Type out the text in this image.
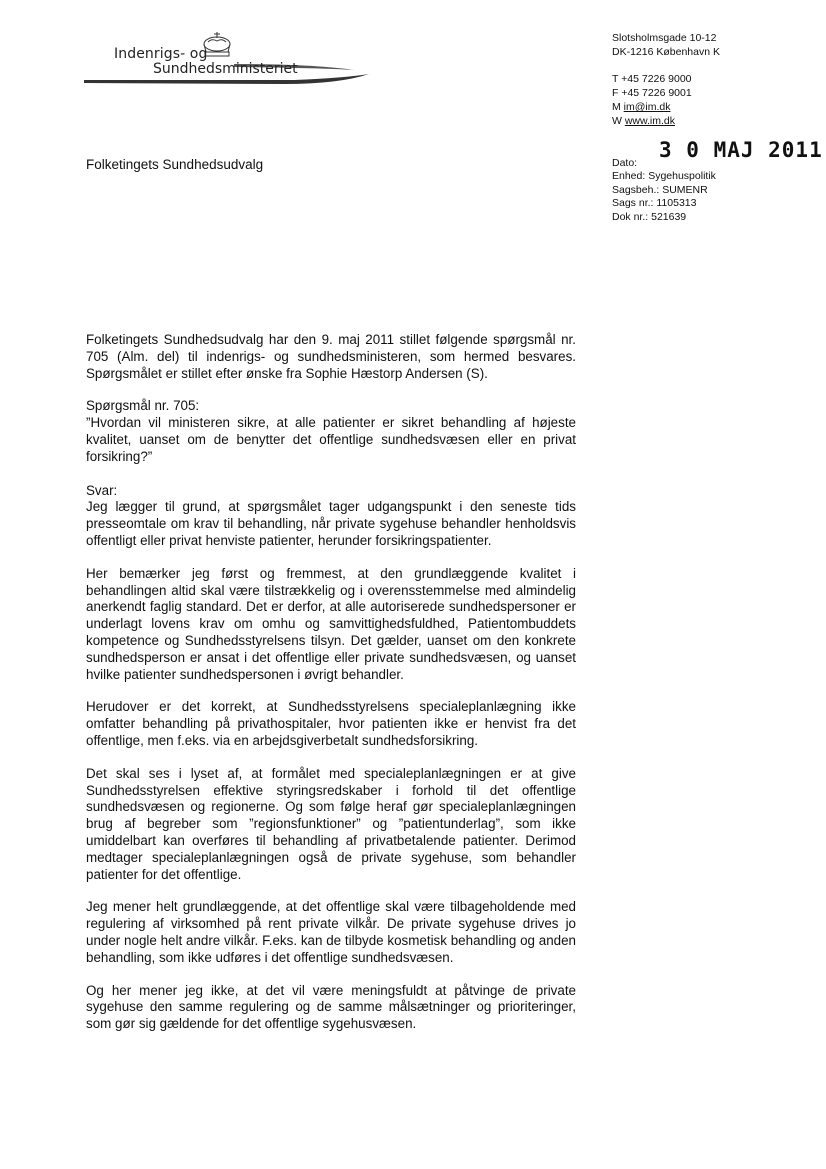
Indenrigs- og
Sundhedsministeriet
Slotsholmsgade 10-12
DK-1216 København K
T +45 7226 9000
F +45 7226 9001
M im@im.dk
W www.im.dk
Dato:
3 0 MAJ 2011
Enhed: Sygehuspolitik
Sagsbeh.: SUMENR
Sags nr.: 1105313
Dok nr.: 521639
Folketingets Sundhedsudvalg

Folketingets Sundhedsudvalg har den 9. maj 2011 stillet følgende spørgsmål nr. 705 (Alm. del) til indenrigs- og sundhedsministeren, som hermed besvares. Spørgsmålet er stillet efter ønske fra Sophie Hæstorp Andersen (S).

Spørgsmål nr. 705:
”Hvordan vil ministeren sikre, at alle patienter er sikret behandling af højeste kvalitet, uanset om de benytter det offentlige sundhedsvæsen eller en privat forsikring?”

Svar:
Jeg lægger til grund, at spørgsmålet tager udgangspunkt i den seneste tids presseomtale om krav til behandling, når private sygehuse behandler henholdsvis offentligt eller privat henviste patienter, herunder forsikringspatienter.

Her bemærker jeg først og fremmest, at den grundlæggende kvalitet i behandlingen altid skal være tilstrækkelig og i overensstemmelse med almindelig anerkendt faglig standard. Det er derfor, at alle autoriserede sundhedspersoner er underlagt lovens krav om omhu og samvittighedsfuldhed, Patientombuddets kompetence og Sundhedsstyrelsens tilsyn. Det gælder, uanset om den konkrete sundhedsperson er ansat i det offentlige eller private sundhedsvæsen, og uanset hvilke patienter sundhedspersonen i øvrigt behandler.

Herudover er det korrekt, at Sundhedsstyrelsens specialeplanlægning ikke omfatter behandling på privathospitaler, hvor patienten ikke er henvist fra det offentlige, men f.eks. via en arbejdsgiverbetalt sundhedsforsikring.

Det skal ses i lyset af, at formålet med specialeplanlægningen er at give Sundhedsstyrelsen effektive styringsredskaber i forhold til det offentlige sundhedsvæsen og regionerne. Og som følge heraf gør specialeplanlægningen brug af begreber som ”regionsfunktioner” og ”patientunderlag”, som ikke umiddelbart kan overføres til behandling af privatbetalende patienter. Derimod medtager specialeplanlægningen også de private sygehuse, som behandler patienter for det offentlige.

Jeg mener helt grundlæggende, at det offentlige skal være tilbageholdende med regulering af virksomhed på rent private vilkår. De private sygehuse drives jo under nogle helt andre vilkår. F.eks. kan de tilbyde kosmetisk behandling og anden behandling, som ikke udføres i det offentlige sundhedsvæsen.

Og her mener jeg ikke, at det vil være meningsfuldt at påtvinge de private sygehuse den samme regulering og de samme målsætninger og prioriteringer, som gør sig gældende for det offentlige sygehusvæsen.
